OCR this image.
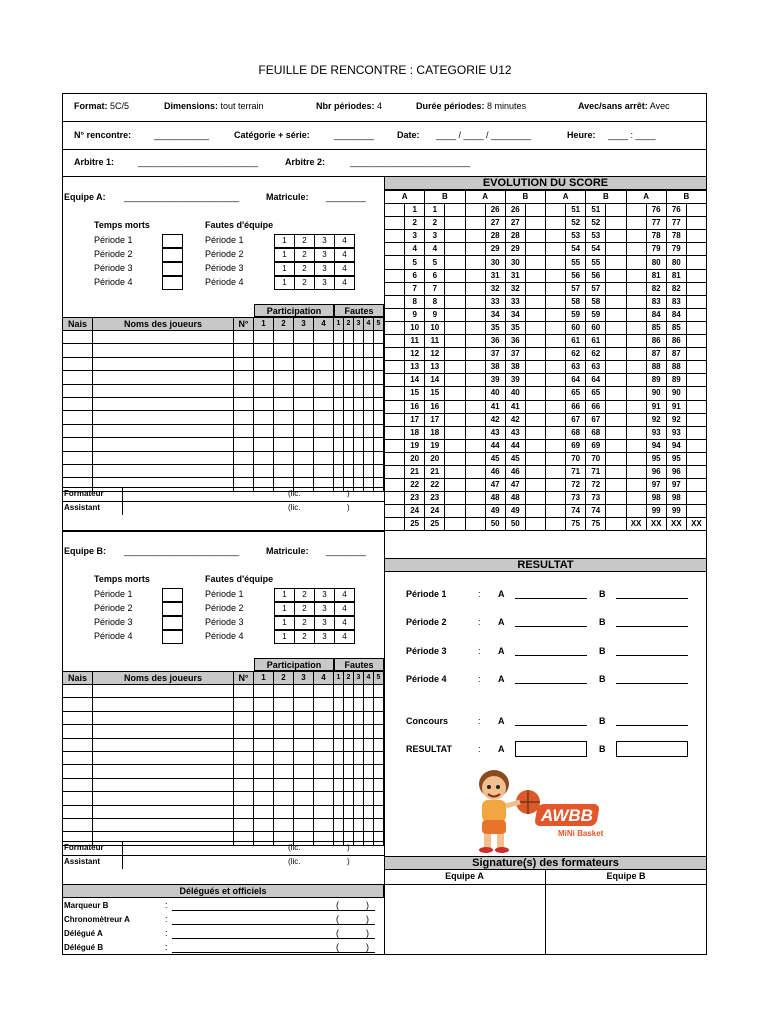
FEUILLE DE RENCONTRE : CATEGORIE U12
Format: 5C/5	Dimensions: tout terrain	Nbr périodes: 4	Durée périodes: 8 minutes	Avec/sans arrêt: Avec
N° rencontre:	___________	Catégorie + série:	________	Date: ____ / ____ / ________	Heure: ____ : ____
Arbitre 1:	________________________	Arbitre 2:	________________________
Equipe A: _______________________	Matricule: ________
Temps morts	Fautes d'équipe
Période 1	Période 1	1	2	3	4
Période 2	Période 2	1	2	3	4
Période 3	Période 3	1	2	3	4
Période 4	Période 4	1	2	3	4
Participation	Fautes
Nais	Noms des joueurs	N°	1	2	3	4	1	2	3	4	5

Formateur	(lic.	)
Assistant	(lic.	)
Equipe B: _______________________	Matricule: ________
Temps morts	Fautes d'équipe
Période 1	Période 1	1	2	3	4
Période 2	Période 2	1	2	3	4
Période 3	Période 3	1	2	3	4
Période 4	Période 4	1	2	3	4
Participation	Fautes
Nais	Noms des joueurs	N°	1	2	3	4	1	2	3	4	5

Formateur	(lic.	)
Assistant	(lic.	)
Délégués et officiels
Marqueur B	:	(	)
Chronomètreur A	:	(	)
Délégué A	:	(	)
Délégué B	:	(	)
EVOLUTION DU SCORE
A		B		A		B		A		B		A		B	
	1	1			26	26			51	51			76	76	
	2	2			27	27			52	52			77	77	
	3	3			28	28			53	53			78	78	
	4	4			29	29			54	54			79	79	
	5	5			30	30			55	55			80	80	
	6	6			31	31			56	56			81	81	
	7	7			32	32			57	57			82	82	
	8	8			33	33			58	58			83	83	
	9	9			34	34			59	59			84	84	
	10	10			35	35			60	60			85	85	
	11	11			36	36			61	61			86	86	
	12	12			37	37			62	62			87	87	
	13	13			38	38			63	63			88	88	
	14	14			39	39			64	64			89	89	
	15	15			40	40			65	65			90	90	
	16	16			41	41			66	66			91	91	
	17	17			42	42			67	67			92	92	
	18	18			43	43			68	68			93	93	
	19	19			44	44			69	69			94	94	
	20	20			45	45			70	70			95	95	
	21	21			46	46			71	71			96	96	
	22	22			47	47			72	72			97	97	
	23	23			48	48			73	73			98	98	
	24	24			49	49			74	74			99	99	
	25	25			50	50			75	75		XX	XX	XX	XX
RESULTAT
Période 1	: A	B
Période 2	: A	B
Période 3	: A	B
Période 4	: A	B
Concours	: A	B
RESULTAT	: A	B
AWBB
MiNi Basket
Signature(s) des formateurs
Equipe A	Equipe B
